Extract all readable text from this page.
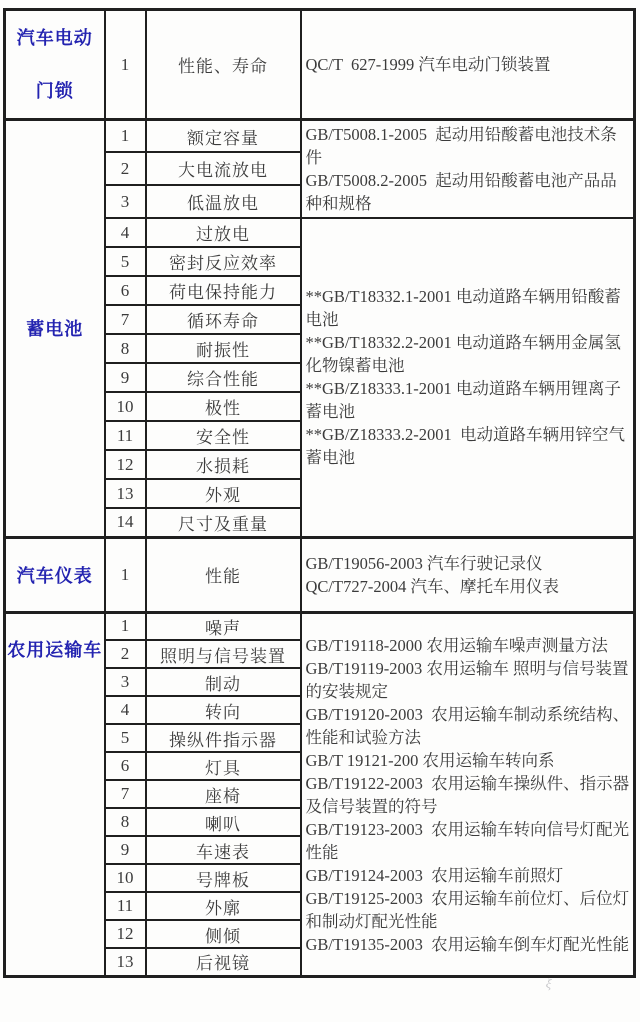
汽车电动门锁	1	性能、寿命	QC/T  627-1999 汽车电动门锁装置

蓄电池	1	额定容量	GB/T5008.1-2005  起动用铅酸蓄电池技术条件
GB/T5008.2-2005  起动用铅酸蓄电池产品品种和规格

	2	大电流放电	
	3	低温放电	
	4	过放电	**GB/T18332.1-2001 电动道路车辆用铅酸蓄电池
**GB/T18332.2-2001 电动道路车辆用金属氢化物镍蓄电池
**GB/Z18333.1-2001 电动道路车辆用锂离子蓄电池
**GB/Z18333.2-2001  电动道路车辆用锌空气蓄电池

	5	密封反应效率	
	6	荷电保持能力	
	7	循环寿命	
	8	耐振性	
	9	综合性能	
	10	极性	
	11	安全性	
	12	水损耗	
	13	外观	
	14	尺寸及重量	
汽车仪表	1	性能	GB/T19056-2003 汽车行驶记录仪
QC/T727-2004 汽车、摩托车用仪表

农用运输车	1	噪声	
GB/T19118-2000 农用运输车噪声测量方法
GB/T19119-2003 农用运输车 照明与信号装置的安装规定
GB/T19120-2003  农用运输车制动系统结构、性能和试验方法
GB/T 19121-200 农用运输车转向系
GB/T19122-2003  农用运输车操纵件、指示器及信号装置的符号
GB/T19123-2003  农用运输车转向信号灯配光性能
GB/T19124-2003  农用运输车前照灯
GB/T19125-2003  农用运输车前位灯、后位灯和制动灯配光性能
GB/T19135-2003  农用运输车倒车灯配光性能

	2	照明与信号装置	
	3	制动	
	4	转向	
	5	操纵件指示器	
	6	灯具	
	7	座椅	
	8	喇叭	
	9	车速表	
	10	号牌板	
	11	外廓	
	12	侧倾	
	13	后视镜	
ξ
